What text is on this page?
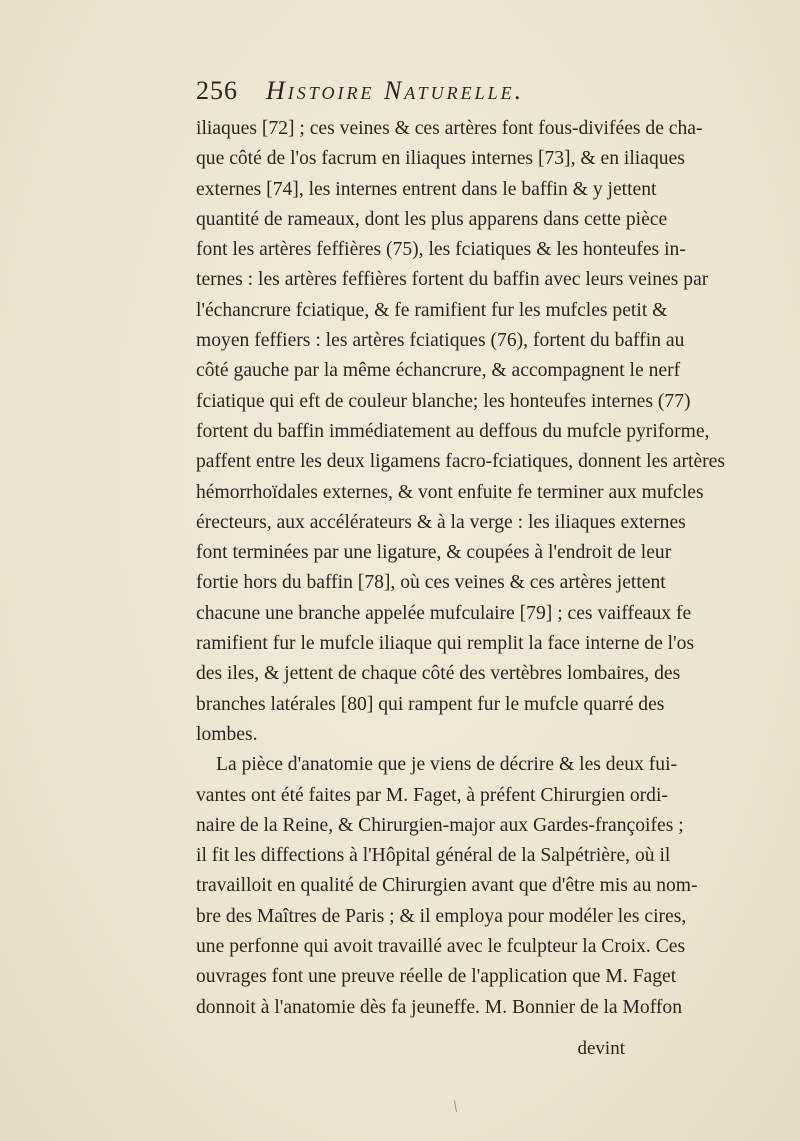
256 Histoire Naturelle.
iliaques [72] ; ces veines & ces artères font fous-divifées de cha-
que côté de l'os facrum en iliaques internes [73], & en iliaques
externes [74], les internes entrent dans le baffin & y jettent
quantité de rameaux, dont les plus apparens dans cette pièce
font les artères feffières (75), les fciatiques & les honteufes in-
ternes : les artères feffières fortent du baffin avec leurs veines par
l'échancrure fciatique, & fe ramifient fur les mufcles petit &
moyen feffiers : les artères fciatiques (76), fortent du baffin au
côté gauche par la même échancrure, & accompagnent le nerf
fciatique qui eft de couleur blanche; les honteufes internes (77)
fortent du baffin immédiatement au deffous du mufcle pyriforme,
paffent entre les deux ligamens facro-fciatiques, donnent les artères
hémorrhoïdales externes, & vont enfuite fe terminer aux mufcles
érecteurs, aux accélérateurs & à la verge : les iliaques externes
font terminées par une ligature, & coupées à l'endroit de leur
fortie hors du baffin [78], où ces veines & ces artères jettent
chacune une branche appelée mufculaire [79] ; ces vaiffeaux fe
ramifient fur le mufcle iliaque qui remplit la face interne de l'os
des iles, & jettent de chaque côté des vertèbres lombaires, des
branches latérales [80] qui rampent fur le mufcle quarré des
lombes.
La pièce d'anatomie que je viens de décrire & les deux fui-
vantes ont été faites par M. Faget, à préfent Chirurgien ordi-
naire de la Reine, & Chirurgien-major aux Gardes-françoifes ;
il fit les diffections à l'Hôpital général de la Salpétrière, où il
travailloit en qualité de Chirurgien avant que d'être mis au nom-
bre des Maîtres de Paris ; & il employa pour modéler les cires,
une perfonne qui avoit travaillé avec le fculpteur la Croix. Ces
ouvrages font une preuve réelle de l'application que M. Faget
donnoit à l'anatomie dès fa jeuneffe. M. Bonnier de la Moffon
devint
